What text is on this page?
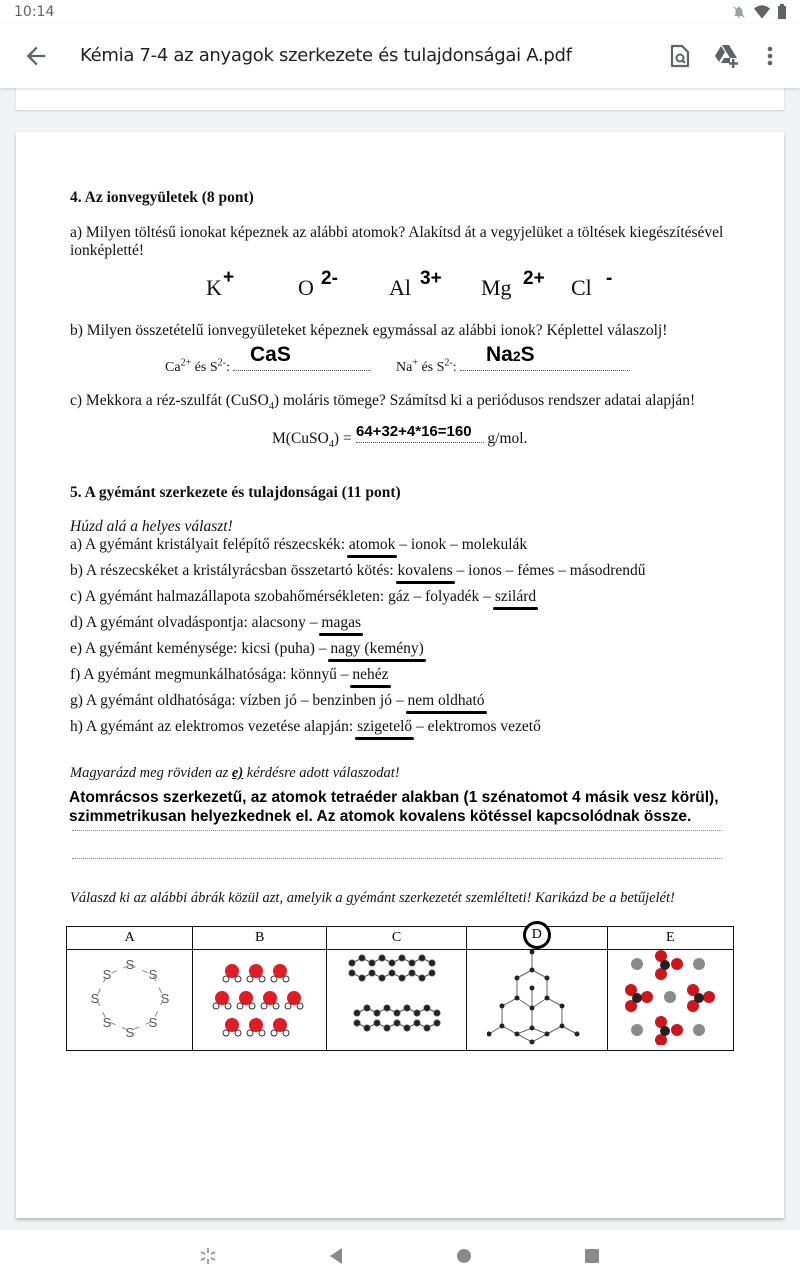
10:14
Kémia 7-4 az anyagok szerkezete és tulajdonságai A.pdf
4. Az ionvegyületek (8 pont)
a) Milyen töltésű ionokat képeznek az alábbi atomok? Alakítsd át a vegyjelüket a töltések kiegészítésével
ionképletté!
K +	O 2- Al 3+ Mg 2+ Cl -
b) Milyen összetételű ionvegyületeket képeznek egymással az alábbi ionok? Képlettel válaszolj!
$Ca^{2+}$ és $S^{2-}$:
CaS
Na+ és $S^{2-}$:
Na2S
c) Mekkora a réz-szulfát (CuSO$_4$) moláris tömege? Számítsd ki a periódusos rendszer adatai alapján!
M(CuSO$_4$) =	g/mol.
64+32+4*16=160
5. A gyémánt szerkezete és tulajdonságai (11 pont)
Húzd alá a helyes választ!
a) A gyémánt kristályait felépítő részecskék: atomok – ionok – molekulák
b) A részecskéket a kristályrácsban összetartó kötés: kovalens – ionos – fémes – másodrendű
c) A gyémánt halmazállapota szobahőmérsékleten: gáz – folyadék – szilárd
d) A gyémánt olvadáspontja: alacsony – magas
e) A gyémánt keménysége: kicsi (puha) – nagy (kemény)
f) A gyémánt megmunkálhatósága: könnyű – nehéz
g) A gyémánt oldhatósága: vízben jó – benzinben jó – nem oldható
h) A gyémánt az elektromos vezetése alapján: szigetelő – elektromos vezető
Magyarázd meg röviden az e) kérdésre adott válaszodat!
Atomrácsos szerkezetű, az atomok tetraéder alakban (1 szénatomot 4 másik vesz körül),
szimmetrikusan helyezkednek el. Az atomok kovalens kötéssel kapcsolódnak össze.
Válaszd ki az alábbi ábrák közül azt, amelyik a gyémánt szerkezetét szemlélteti! Karikázd be a betűjelét!
A	B	C	D	E

S
S
S
S
S
S
S
S
